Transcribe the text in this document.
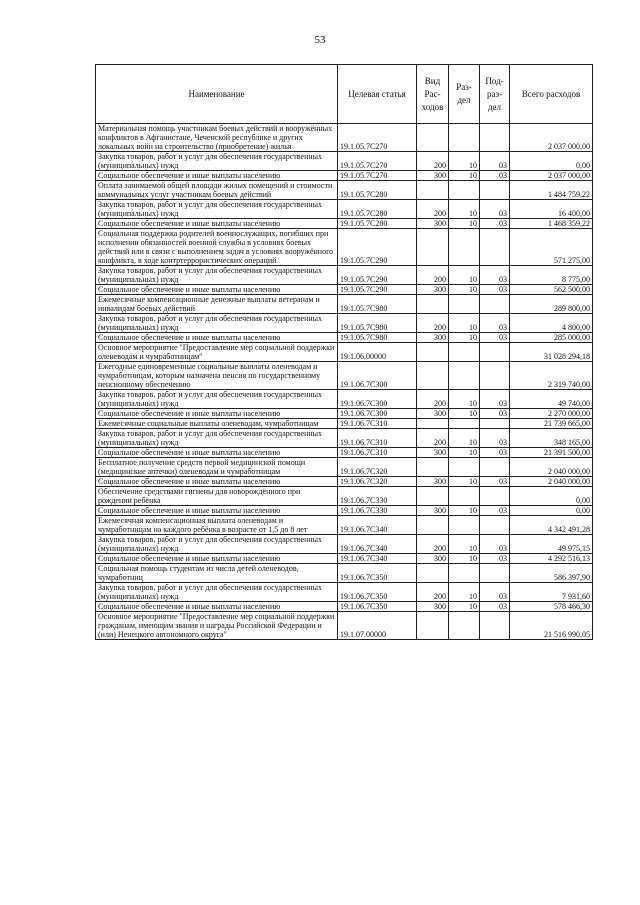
53
Наименование	Целевая статья	Вид Рас- ходов	Раз- дел	Под- раз- дел	Всего расходов
Материальная помощь участникам боевых действий и вооружённых конфликтов в Афганистане, Чеченской республике и других локальных войн на строительство (приобретение) жилья	19.1.05.7С270				2 037 000,00
Закупка товаров, работ и услуг для обеспечения государственных (муниципальных) нужд	19.1.05.7С270	200	10	03	0,00
Социальное обеспечение и иные выплаты населению	19.1.05.7С270	300	10	03	2 037 000,00
Оплата занимаемой общей площади жилых помещений и стоимости коммунальных услуг участникам боевых действий	19.1.05.7С280				1 484 759,22
Закупка товаров, работ и услуг для обеспечения государственных (муниципальных) нужд	19.1.05.7С280	200	10	03	16 400,00
Социальное обеспечение и иные выплаты населению	19.1.05.7С280	300	10	03	1 468 359,22
Социальная поддержка родителей военнослужащих, погибших при исполнении обязанностей военной службы в условиях боевых действий или в связи с выполнением задач в условиях вооружённого конфликта, в ходе контртеррористических операций	19.1.05.7С290				571 275,00
Закупка товаров, работ и услуг для обеспечения государственных (муниципальных) нужд	19.1.05.7С290	200	10	03	8 775,00
Социальное обеспечение и иные выплаты населению	19.1.05.7С290	300	10	03	562 500,00
Ежемесячные компенсационные денежные выплаты ветеранам и инвалидам боевых действий	19.1.05.7С980				289 800,00
Закупка товаров, работ и услуг для обеспечения государственных (муниципальных) нужд	19.1.05.7С980	200	10	03	4 800,00
Социальное обеспечение и иные выплаты населению	19.1.05.7С980	300	10	03	285 000,00
Основное мероприятие "Предоставление мер социальной поддержки оленеводам и чумработницам"	19.1.06.00000				31 028 294,18
Ежегодные единовременные социальные выплаты оленеводам и чумработницам, которым назначена пенсия по государственному пенсионному обеспечению	19.1.06.7С300				2 319 740,00
Закупка товаров, работ и услуг для обеспечения государственных (муниципальных) нужд	19.1.06.7С300	200	10	03	49 740,00
Социальное обеспечение и иные выплаты населению	19.1.06.7С300	300	10	03	2 270 000,00
Ежемесячные социальные выплаты оленеводам, чумработницам	19.1.06.7С310				21 739 665,00
Закупка товаров, работ и услуг для обеспечения государственных (муниципальных) нужд	19.1.06.7С310	200	10	03	348 165,00
Социальное обеспечение и иные выплаты населению	19.1.06.7С310	300	10	03	21 391 500,00
Бесплатное получение средств первой медицинской помощи (медицинские аптечки) оленеводам и чумработницам	19.1.06.7С320				2 040 000,00
Социальное обеспечение и иные выплаты населению	19.1.06.7С320	300	10	03	2 040 000,00
Обеспечение средствами гигиены для новорождённого при рождении ребёнка	19.1.06.7С330				0,00
Социальное обеспечение и иные выплаты населению	19.1.06.7С330	300	10	03	0,00
Ежемесячная компенсационная выплата оленеводам и чумработницам на каждого ребёнка в возрасте от 1,5 до 8 лет	19.1.06.7С340				4 342 491,28
Закупка товаров, работ и услуг для обеспечения государственных (муниципальных) нужд	19.1.06.7С340	200	10	03	49 975,15
Социальное обеспечение и иные выплаты населению	19.1.06.7С340	300	10	03	4 292 516,13
Социальная помощь студентам из числа детей оленеводов, чумработниц	19.1.06.7С350				586 397,90
Закупка товаров, работ и услуг для обеспечения государственных (муниципальных) нужд	19.1.06.7С350	200	10	03	7 931,60
Социальное обеспечение и иные выплаты населению	19.1.06.7С350	300	10	03	578 466,30
Основное мероприятие "Предоставление мер социальной поддержки гражданам, имеющим звания и награды Российской Федерации и (или) Ненецкого автономного округа"	19.1.07.00000				21 516 990,05
